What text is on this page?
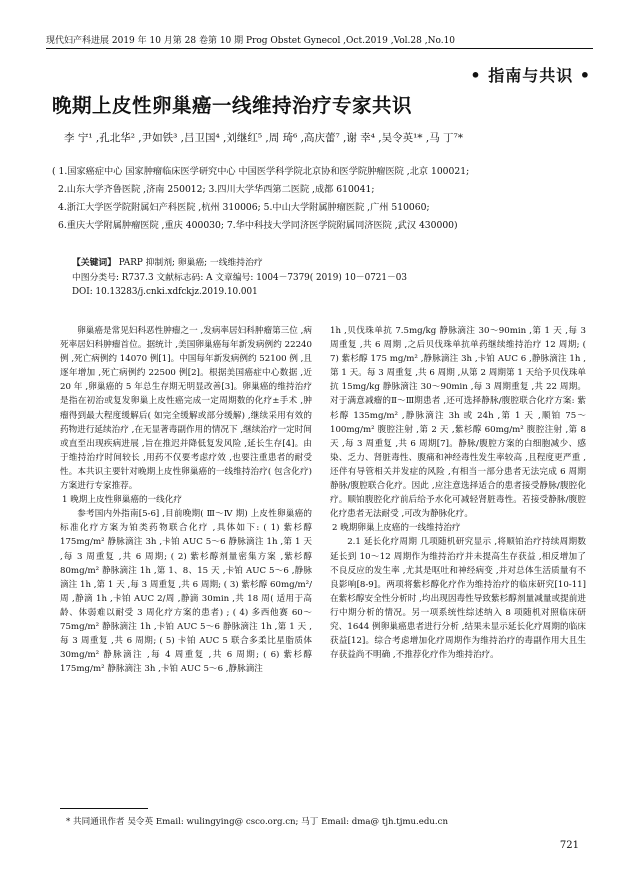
现代妇产科进展 2019 年 10 月第 28 卷第 10 期 Prog Obstet Gynecol ,Oct.2019 ,Vol.28 ,No.10
• 指南与共识 •
晚期上皮性卵巢癌一线维持治疗专家共识
李 宁¹ ,孔北华² ,尹如铁³ ,吕卫国⁴ ,刘继红⁵ ,周 琦⁶ ,高庆蕾⁷ ,谢 幸⁴ ,吴令英¹* ,马 丁⁷*
( 1.国家癌症中心 国家肿瘤临床医学研究中心 中国医学科学院北京协和医学院肿瘤医院 ,北京 100021;
2.山东大学齐鲁医院 ,济南 250012; 3.四川大学华西第二医院 ,成都 610041;
4.浙江大学医学院附属妇产科医院 ,杭州 310006; 5.中山大学附属肿瘤医院 ,广州 510060;
6.重庆大学附属肿瘤医院 ,重庆 400030; 7.华中科技大学同济医学院附属同济医院 ,武汉 430000)
【关键词】 PARP 抑制剂; 卵巢癌; 一线维持治疗
中图分类号: R737.3 文献标志码: A 文章编号: 1004－7379( 2019) 10－0721－03
DOI: 10.13283/j.cnki.xdfckjz.2019.10.001

卵巢癌是常见妇科恶性肿瘤之一 ,发病率居妇科肿瘤第三位 ,病死率居妇科肿瘤首位。据统计 ,美国卵巢癌每年新发病例约 22240 例 ,死亡病例约 14070 例[1]。中国每年新发病例约 52100 例 ,且逐年增加 ,死亡病例约 22500 例[2]。根据美国癌症中心数据 ,近 20 年 ,卵巢癌的 5 年总生存期无明显改善[3]。卵巢癌的维持治疗是指在初治或复发卵巢上皮性癌完成一定周期数的化疗±手术 ,肿瘤得到最大程度缓解后( 如完全缓解或部分缓解) ,继续采用有效的药物进行延续治疗 ,在无显著毒副作用的情况下 ,继续治疗一定时间或直至出现疾病进展 ,旨在推迟并降低复发风险 ,延长生存[4]。由于维持治疗时间较长 ,用药不仅要考虑疗效 ,也要注重患者的耐受性。本共识主要针对晚期上皮性卵巢癌的一线维持治疗( 包含化疗) 方案进行专家推荐。

1 晚期上皮性卵巢癌的一线化疗

参考国内外指南[5-6] ,目前晚期( Ⅲ～Ⅳ 期) 上皮性卵巢癌的标准化疗方案为铂类药物联合化疗 ,具体如下: ( 1) 紫杉醇 175mg/m² 静脉滴注 3h ,卡铂 AUC 5～6 静脉滴注 1h ,第 1 天 ,每 3 周重复 ,共 6 周期; ( 2) 紫杉醇剂量密集方案 ,紫杉醇 80mg/m² 静脉滴注 1h ,第 1、8、15 天 ,卡铂 AUC 5～6 ,静脉滴注 1h ,第 1 天 ,每 3 周重复 ,共 6 周期; ( 3) 紫杉醇 60mg/m²/周 ,静滴 1h ,卡铂 AUC 2/周 ,静滴 30min ,共 18 周( 适用于高龄、体弱难以耐受 3 周化疗方案的患者) ; ( 4) 多西他赛 60～75mg/m² 静脉滴注 1h ,卡铂 AUC 5～6 静脉滴注 1h ,第 1 天 ,每 3 周重复 ,共 6 周期; ( 5) 卡铂 AUC 5 联合多柔比星脂质体 30mg/m² 静脉滴注 ,每 4 周重复 ,共 6 周期; ( 6) 紫杉醇 175mg/m² 静脉滴注 3h ,卡铂 AUC 5～6 ,静脉滴注

1h ,贝伐珠单抗 7.5mg/kg 静脉滴注 30～90min ,第 1 天 ,每 3 周重复 ,共 6 周期 ,之后贝伐珠单抗单药继续维持治疗 12 周期; ( 7) 紫杉醇 175 mg/m² ,静脉滴注 3h ,卡铂 AUC 6 ,静脉滴注 1h ,第 1 天。每 3 周重复 ,共 6 周期 ,从第 2 周期第 1 天给予贝伐珠单抗 15mg/kg 静脉滴注 30～90min ,每 3 周期重复 ,共 22 周期。对于满意减瘤的Ⅱ～Ⅲ期患者 ,还可选择静脉/腹腔联合化疗方案: 紫杉醇 135mg/m² ,静脉滴注 3h 或 24h ,第 1 天 ,顺铂 75～100mg/m² 腹腔注射 ,第 2 天 ,紫杉醇 60mg/m² 腹腔注射 ,第 8 天 ,每 3 周重复 ,共 6 周期[7]。静脉/腹腔方案的白细胞减少、感染、乏力、肾脏毒性、腹痛和神经毒性发生率较高 ,且程度更严重 ,还伴有导管相关并发症的风险 ,有相当一部分患者无法完成 6 周期静脉/腹腔联合化疗。因此 ,应注意选择适合的患者接受静脉/腹腔化疗。顺铂腹腔化疗前后给予水化可减轻肾脏毒性。若接受静脉/腹腔化疗患者无法耐受 ,可改为静脉化疗。

2 晚期卵巢上皮癌的一线维持治疗

2.1 延长化疗周期 几项随机研究显示 ,将顺铂治疗持续周期数延长到 10～12 周期作为维持治疗并未提高生存获益 ,相反增加了不良反应的发生率 ,尤其是呕吐和神经病变 ,并对总体生活质量有不良影响[8-9]。两项将紫杉醇化疗作为维持治疗的临床研究[10-11]在紫杉醇安全性分析时 ,均出现因毒性导致紫杉醇剂量减量或提前进行中期分析的情况。另一项系统性综述纳入 8 项随机对照临床研究、1644 例卵巢癌患者进行分析 ,结果未显示延长化疗周期的临床获益[12]。综合考虑增加化疗周期作为维持治疗的毒副作用大且生存获益尚不明确 ,不推荐化疗作为维持治疗。

* 共同通讯作者 吴令英 Email: wulingying@ csco.org.cn; 马丁 Email: dma@ tjh.tjmu.edu.cn
721
